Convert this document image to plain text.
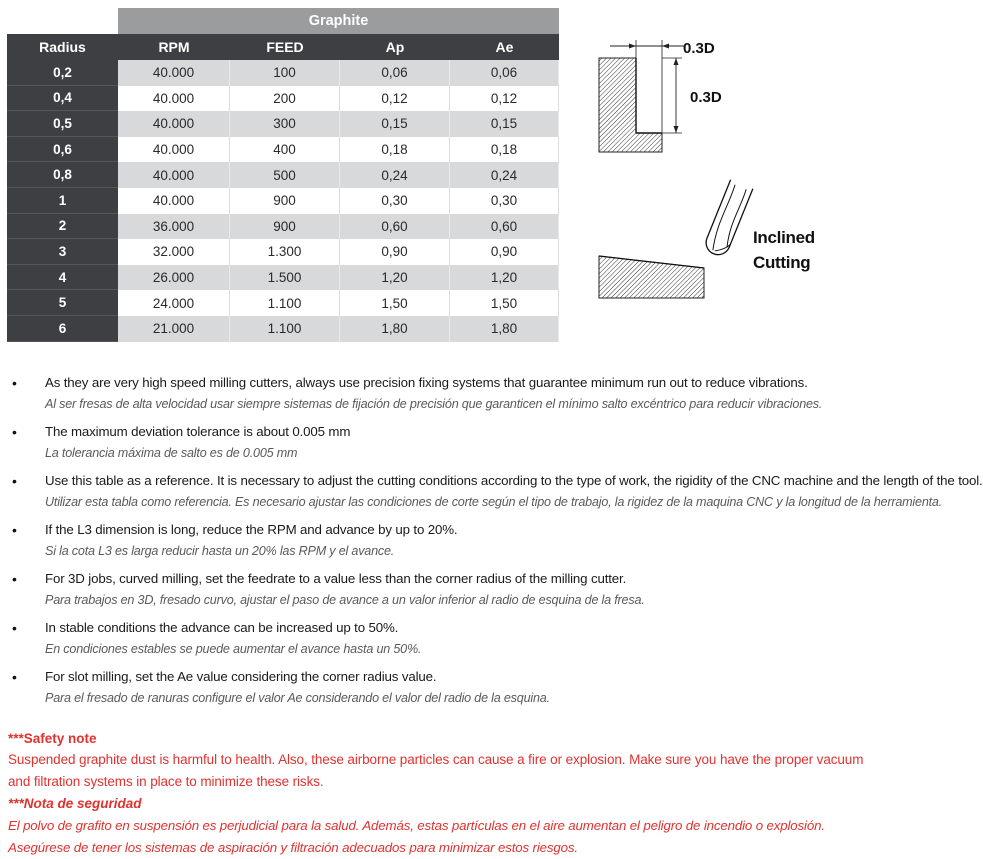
	Graphite			
Radius	RPM	FEED	Ap	Ae
0,2	40.000	100	0,06	0,06
0,4	40.000	200	0,12	0,12
0,5	40.000	300	0,15	0,15
0,6	40.000	400	0,18	0,18
0,8	40.000	500	0,24	0,24
1	40.000	900	0,30	0,30
2	36.000	900	0,60	0,60
3	32.000	1.300	0,90	0,90
4	26.000	1.500	1,20	1,20
5	24.000	1.100	1,50	1,50
6	21.000	1.100	1,80	1,80
0.3D
0.3D
Inclined
Cutting
• As they are very high speed milling cutters, always use precision fixing systems that guarantee minimum run out to reduce vibrations.
Al ser fresas de alta velocidad usar siempre sistemas de fijación de precisión que garanticen el mínimo salto excéntrico para reducir vibraciones.
• The maximum deviation tolerance is about 0.005 mm
La tolerancia máxima de salto es de 0.005 mm
• Use this table as a reference. It is necessary to adjust the cutting conditions according to the type of work, the rigidity of the CNC machine and the length of the tool.
Utilizar esta tabla como referencia. Es necesario ajustar las condiciones de corte según el tipo de trabajo, la rigidez de la maquina CNC y la longitud de la herramienta.
• If the L3 dimension is long, reduce the RPM and advance by up to 20%.
Si la cota L3 es larga reducir hasta un 20% las RPM y el avance.
• For 3D jobs, curved milling, set the feedrate to a value less than the corner radius of the milling cutter.
Para trabajos en 3D, fresado curvo, ajustar el paso de avance a un valor inferior al radio de esquina de la fresa.
• In stable conditions the advance can be increased up to 50%.
En condiciones estables se puede aumentar el avance hasta un 50%.
• For slot milling, set the Ae value considering the corner radius value.
Para el fresado de ranuras configure el valor Ae considerando el valor del radio de la esquina.
***Safety note
Suspended graphite dust is harmful to health. Also, these airborne particles can cause a fire or explosion. Make sure you have the proper vacuum and filtration systems in place to minimize these risks.
***Nota de seguridad
El polvo de grafito en suspensión es perjudicial para la salud. Además, estas partículas en el aire aumentan el peligro de incendio o explosión. Asegúrese de tener los sistemas de aspiración y filtración adecuados para minimizar estos riesgos.
